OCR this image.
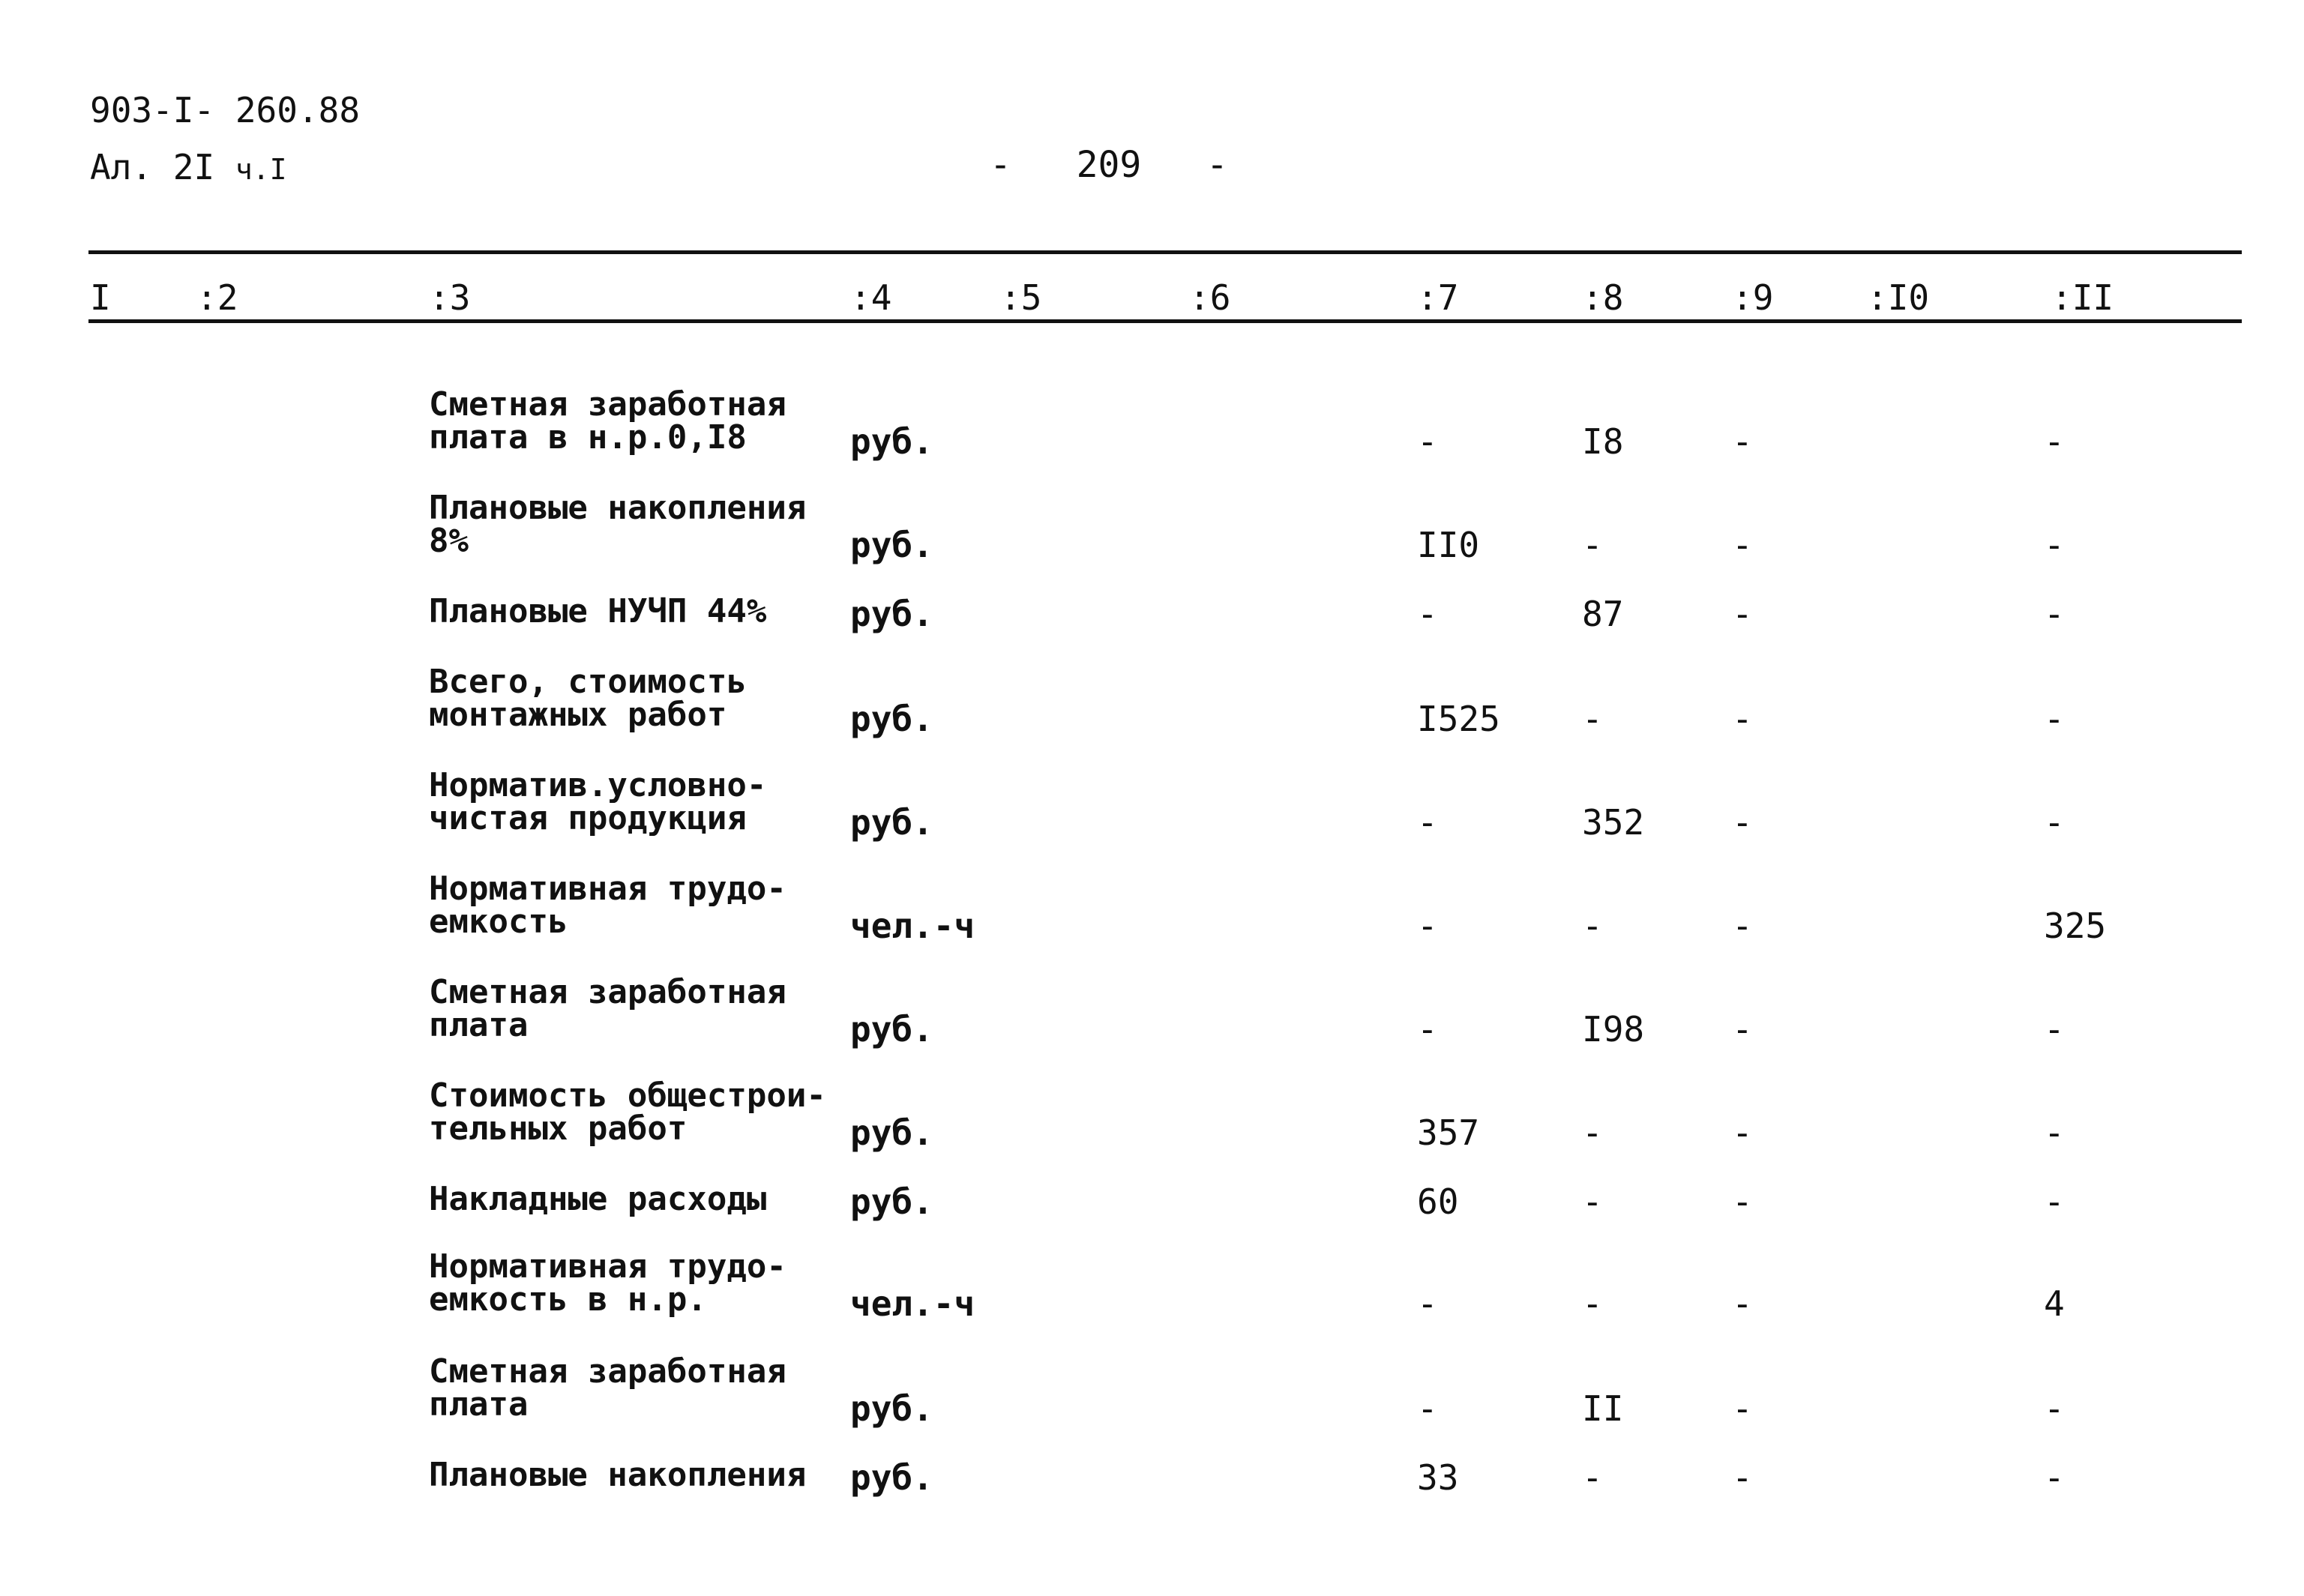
903-I- 260.88
Ал. 2I ч.I	-   209   -
I :2	:3	:4	:5	:6	:7	:8	:9	:I0	:II
Сметная заработная
плата в н.р.0,I8	руб.	-	I8	-	-
Плановые накопления
8%	руб.	II0	-	-	-
Плановые НУЧП 44% руб.	-	87	-	-
Всего, стоимость
монтажных работ	руб.	I525 -	-	-
Норматив.условно-
чистая продукция	руб.	-	352	-	-
Нормативная трудо-
емкость	чел.-ч	-	-	-	325
Сметная заработная
плата	руб.	-	I98	-	-
Стоимость общестрои-
тельных работ	руб.	357	-	-	-
Накладные расходы руб.	60	-	-	-
Нормативная трудо-
емкость в н.р.	чел.-ч	-	-	-	4
Сметная заработная
плата	руб.	-	II	-	-
Плановые накопления руб.	33	-	-	-
